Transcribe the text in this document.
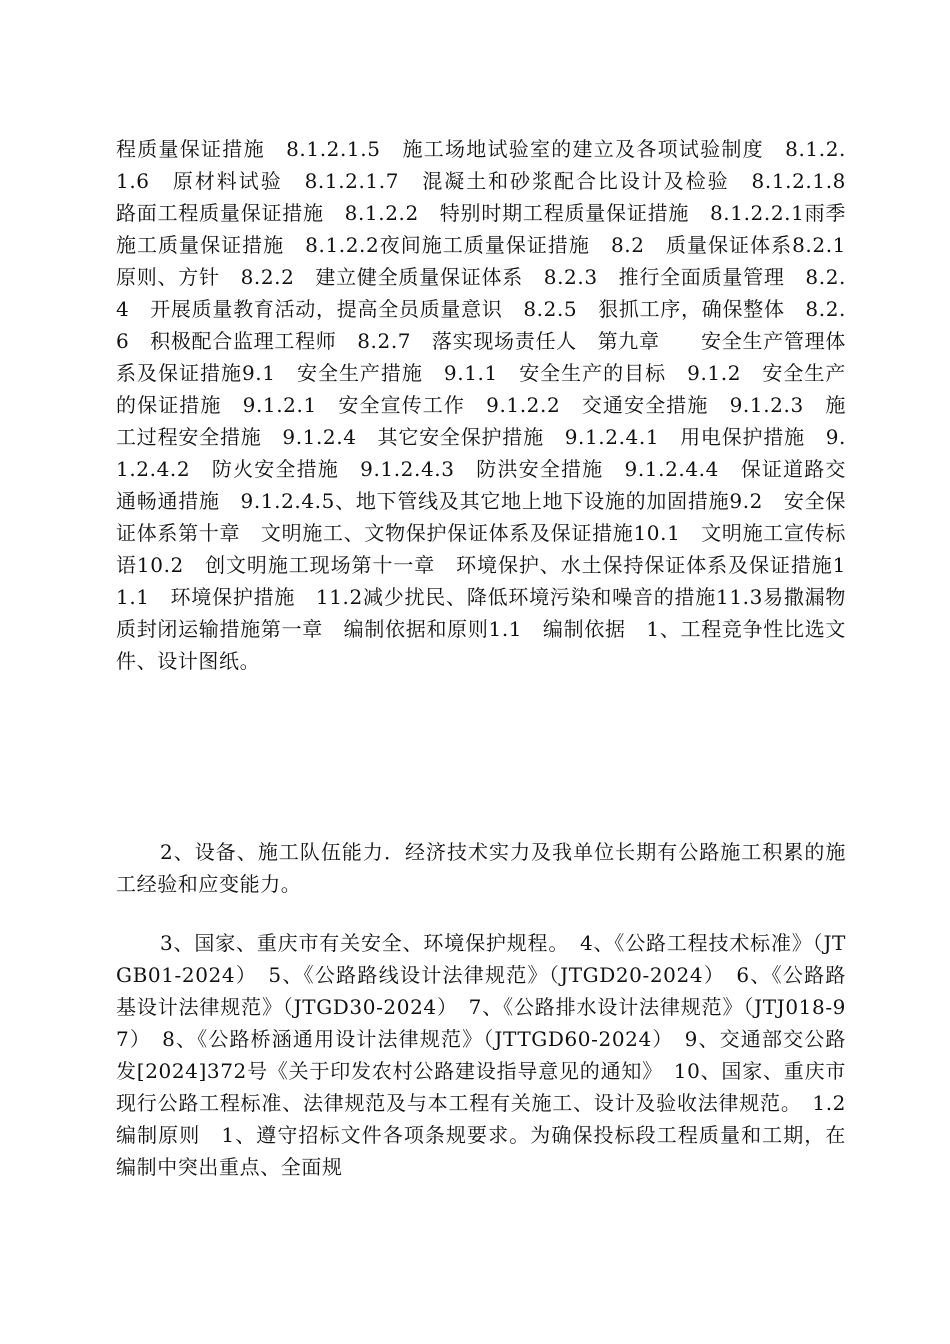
程质量保证措施　8.1.2.1.5　施工场地试验室的建立及各项试验制度　8.1.2.1.6　原材料试验　8.1.2.1.7　混凝土和砂浆配合比设计及检验　8.1.2.1.8　路面工程质量保证措施　8.1.2.2　特别时期工程质量保证措施　8.1.2.2.1雨季施工质量保证措施　8.1.2.2夜间施工质量保证措施　8.2　质量保证体系8.2.1　原则、方针　8.2.2　建立健全质量保证体系　8.2.3　推行全面质量管理　8.2.4　开展质量教育活动，提高全员质量意识　8.2.5　狠抓工序，确保整体　8.2.6　积极配合监理工程师　8.2.7　落实现场责任人　第九章　　安全生产管理体系及保证措施9.1　安全生产措施　9.1.1　安全生产的目标　9.1.2　安全生产的保证措施　9.1.2.1　安全宣传工作　9.1.2.2　交通安全措施　9.1.2.3　施工过程安全措施　9.1.2.4　其它安全保护措施　9.1.2.4.1　用电保护措施　9.1.2.4.2　防火安全措施　9.1.2.4.3　防洪安全措施　9.1.2.4.4　保证道路交通畅通措施　9.1.2.4.5、地下管线及其它地上地下设施的加固措施9.2　安全保证体系第十章　文明施工、文物保护保证体系及保证措施10.1　文明施工宣传标语10.2　创文明施工现场第十一章　环境保护、水土保持保证体系及保证措施11.1　环境保护措施　11.2减少扰民、降低环境污染和噪音的措施11.3易撒漏物质封闭运输措施第一章　编制依据和原则1.1　编制依据　1、工程竞争性比选文件、设计图纸。

2、设备、施工队伍能力．经济技术实力及我单位长期有公路施工积累的施工经验和应变能力。

3、国家、重庆市有关安全、环境保护规程。　4、《公路工程技术标准》（JTGB01-2024）　5、《公路路线设计法律规范》（JTGD20-2024）　6、《公路路基设计法律规范》（JTGD30-2024）　7、《公路排水设计法律规范》（JTJ018-97）　8、《公路桥涵通用设计法律规范》（JTTGD60-2024）　9、交通部交公路发[2024]372号《关于印发农村公路建设指导意见的通知》　10、国家、重庆市现行公路工程标准、法律规范及与本工程有关施工、设计及验收法律规范。　1.2编制原则　1、遵守招标文件各项条规要求。为确保投标段工程质量和工期，在编制中突出重点、全面规
